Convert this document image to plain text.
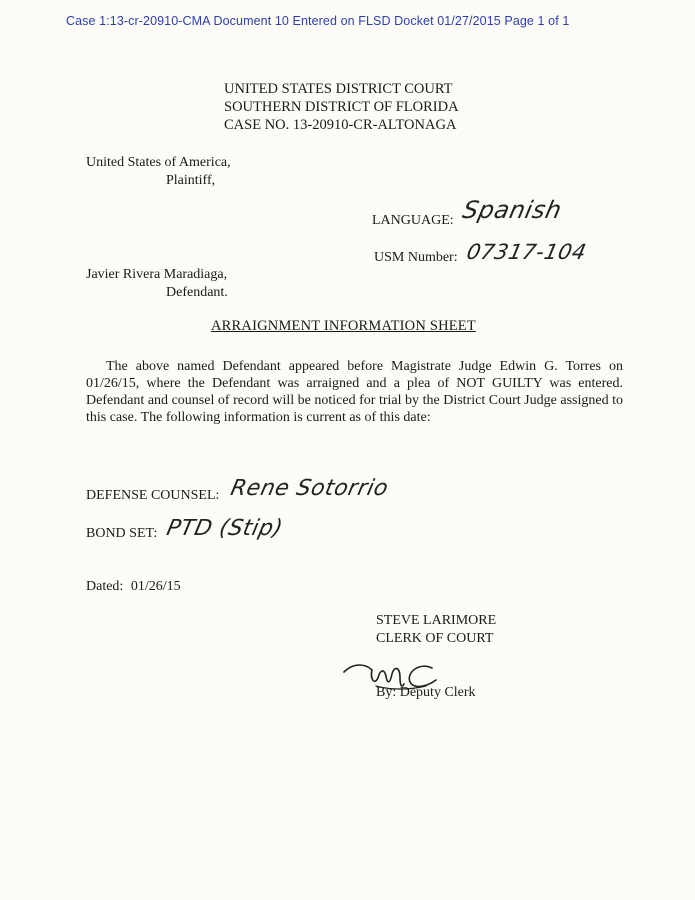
Case 1:13-cr-20910-CMA Document 10 Entered on FLSD Docket 01/27/2015 Page 1 of 1
UNITED STATES DISTRICT COURT
SOUTHERN DISTRICT OF FLORIDA
CASE NO. 13-20910-CR-ALTONAGA
United States of America,
Plaintiff,
LANGUAGE: Spanish
USM Number: 07317-104
Javier Rivera Maradiaga,
Defendant.
ARRAIGNMENT INFORMATION SHEET
The above named Defendant appeared before Magistrate Judge Edwin G. Torres on 01/26/15, where the Defendant was arraigned and a plea of NOT GUILTY was entered. Defendant and counsel of record will be noticed for trial by the District Court Judge assigned to this case. The following information is current as of this date:
DEFENSE COUNSEL: Rene Sotorrio
BOND SET: PTD (Stip)
Dated: 01/26/15
STEVE LARIMORE
CLERK OF COURT
By: Deputy Clerk
